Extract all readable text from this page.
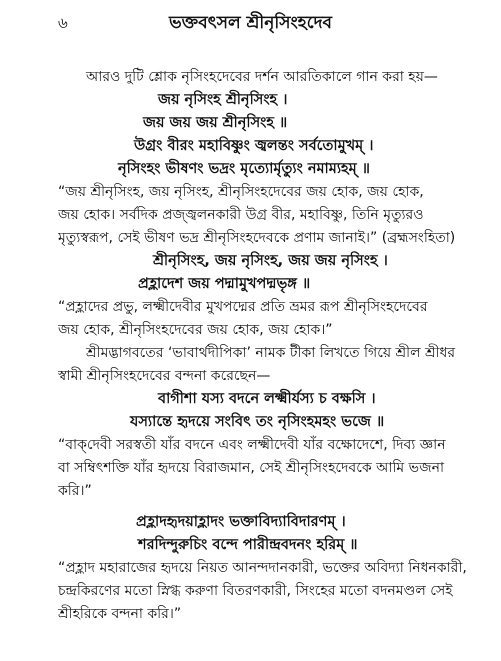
৬	ভক্তবৎসল শ্রীনৃসিংহদেব
আরও দুটি শ্লোক নৃসিংহদেবের দর্শন আরতিকালে গান করা হয়—
জয় নৃসিংহ শ্রীনৃসিংহ ।
জয় জয় জয় শ্রীনৃসিংহ ॥
উগ্রং বীরং মহাবিষ্ণুং জ্বলন্তং সর্বতোমুখম্ ।
নৃসিংহং ভীষণং ভদ্রং মৃত্যোর্মৃত্যুং নমাম্যহম্ ॥
“জয় শ্রীনৃসিংহ, জয় নৃসিংহ, শ্রীনৃসিংহদেবের জয় হোক, জয় হোক,
জয় হোক। সর্বদিক প্রজ্জ্বলনকারী উগ্র বীর, মহাবিষ্ণু, তিনি মৃত্যুরও
মৃত্যুস্বরূপ, সেই ভীষণ ভদ্র শ্রীনৃসিংহদেবকে প্রণাম জানাই।” (ব্রহ্মসংহিতা)
শ্রীনৃসিংহ, জয় নৃসিংহ, জয় জয় নৃসিংহ ।
প্রহ্লাদেশ জয় পদ্মামুখপদ্মভৃঙ্গ ॥
“প্রহ্লাদের প্রভু, লক্ষ্মীদেবীর মুখপদ্মের প্রতি ভ্রমর রূপ শ্রীনৃসিংহদেবের
জয় হোক, শ্রীনৃসিংহদেবের জয় হোক, জয় হোক।”
শ্রীমদ্ভাগবতের ‘ভাবার্থদীপিকা’ নামক টীকা লিখতে গিয়ে শ্রীল শ্রীধর
স্বামী শ্রীনৃসিংহদেবের বন্দনা করেছেন—
বাগীশা যস্য বদনে লক্ষ্মীর্যস্য চ বক্ষসি ।
যস্যান্তে হৃদয়ে সংবিৎ তং নৃসিংহমহং ভজে ॥
“বাক্‌দেবী সরস্বতী যাঁর বদনে এবং লক্ষ্মীদেবী যাঁর বক্ষোদেশে, দিব্য জ্ঞান
বা সম্বিৎশক্তি যাঁর হৃদয়ে বিরাজমান, সেই শ্রীনৃসিংহদেবকে আমি ভজনা
করি।”
প্রহ্লাদহৃদয়াহ্লাদং ভক্তাবিদ্যাবিদারণম্ ।
শরদিন্দুরুচিং বন্দে পারীন্দ্রবদনং হরিম্ ॥
“প্রহ্লাদ মহারাজের হৃদয়ে নিয়ত আনন্দদানকারী, ভক্তের অবিদ্যা নিধনকারী,
চন্দ্রকিরণের মতো স্নিগ্ধ করুণা বিতরণকারী, সিংহের মতো বদনমণ্ডল সেই
শ্রীহরিকে বন্দনা করি।”
